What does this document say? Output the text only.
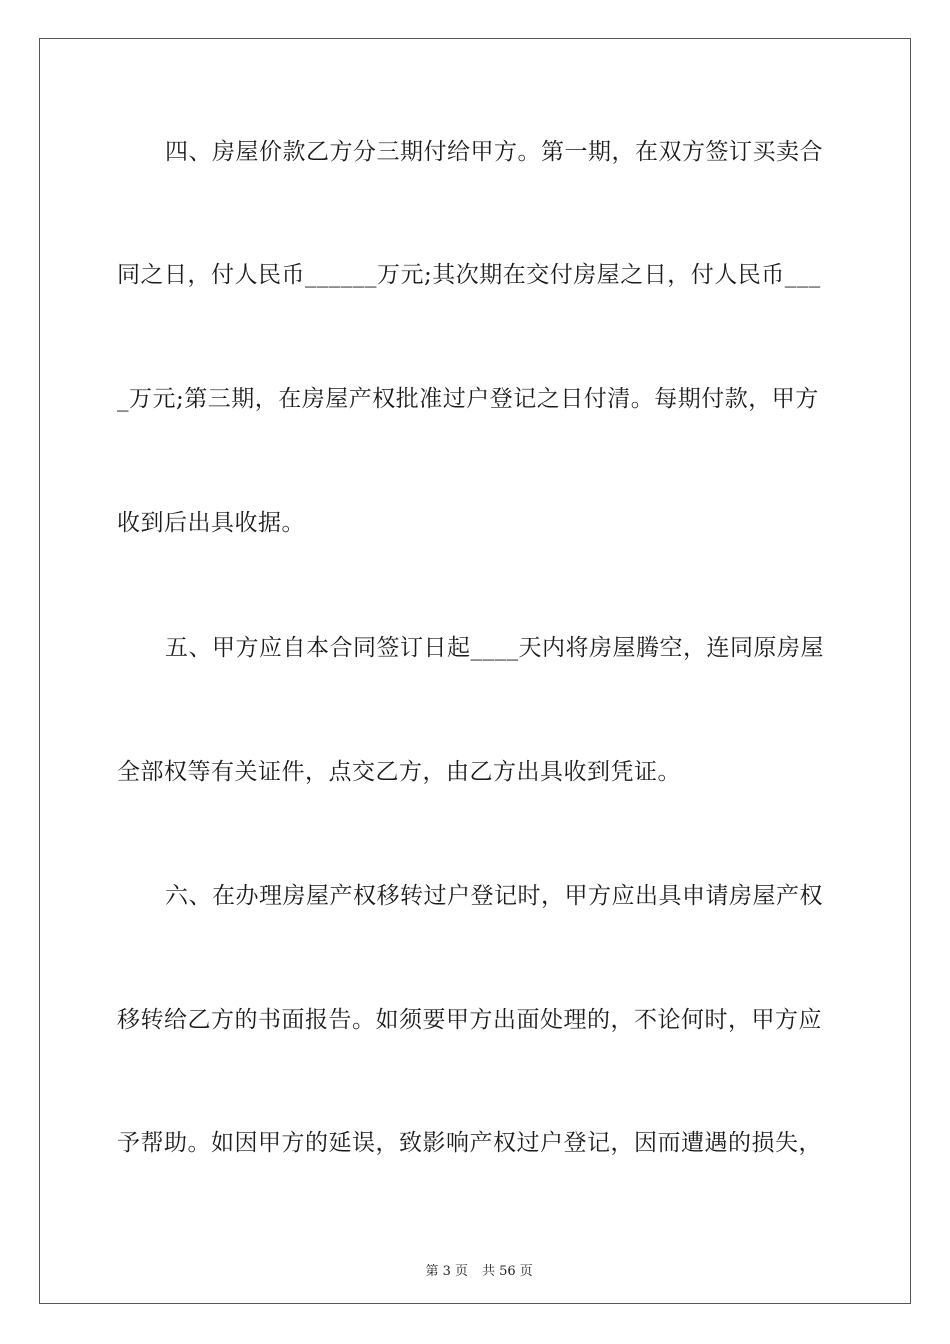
四、房屋价款乙方分三期付给甲方。第一期，在双方签订买卖合
同之日，付人民币______万元;其次期在交付房屋之日，付人民币___
_万元;第三期，在房屋产权批准过户登记之日付清。每期付款，甲方
收到后出具收据。
五、甲方应自本合同签订日起____天内将房屋腾空，连同原房屋
全部权等有关证件，点交乙方，由乙方出具收到凭证。
六、在办理房屋产权移转过户登记时，甲方应出具申请房屋产权
移转给乙方的书面报告。如须要甲方出面处理的，不论何时，甲方应
予帮助。如因甲方的延误，致影响产权过户登记，因而遭遇的损失，

第 3 页 共 56 页
